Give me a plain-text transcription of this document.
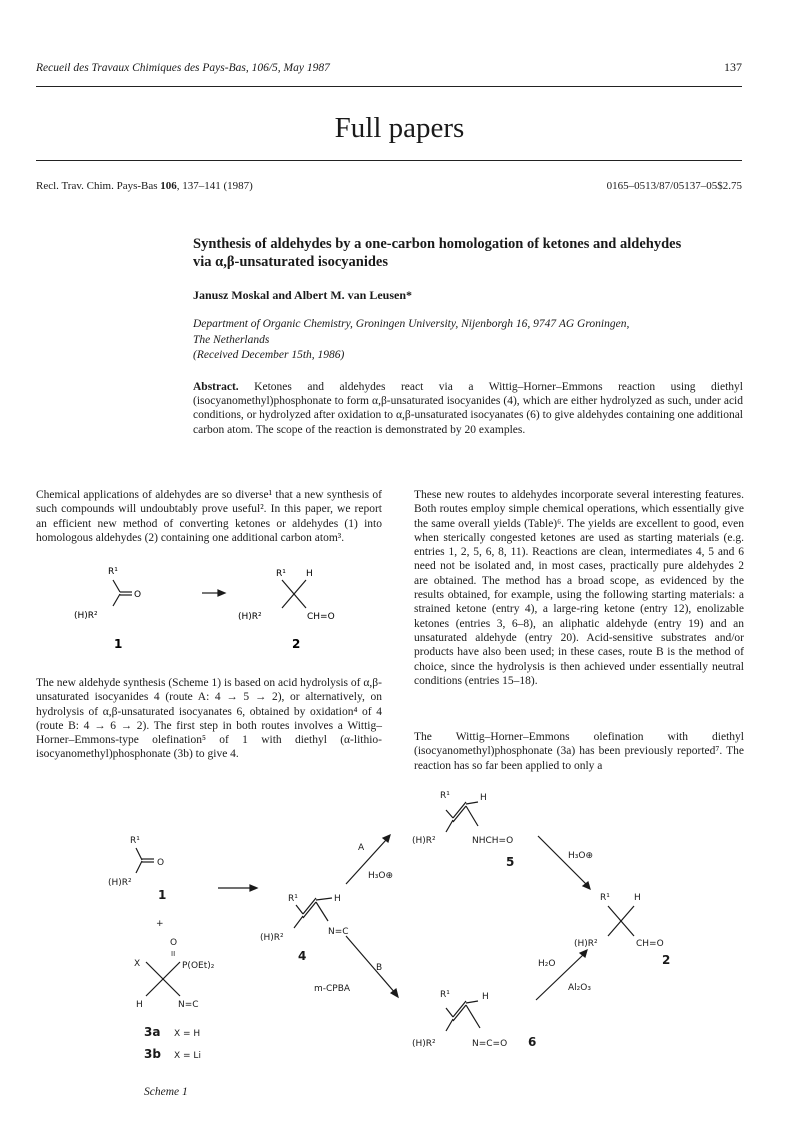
Recueil des Travaux Chimiques des Pays-Bas, 106/5, May 1987	137
Full papers
Recl. Trav. Chim. Pays-Bas 106, 137–141 (1987)	0165–0513/87/05137–05$2.75
Synthesis of aldehydes by a one-carbon homologation of ketones and aldehydes
via α,β-unsaturated isocyanides
Janusz Moskal and Albert M. van Leusen*
Department of Organic Chemistry, Groningen University, Nijenborgh 16, 9747 AG Groningen,
The Netherlands
(Received December 15th, 1986)
Abstract. Ketones and aldehydes react via a Wittig–Horner–Emmons reaction using diethyl (isocyanomethyl)phosphonate to form α,β-unsaturated isocyanides (4), which are either hydrolyzed as such, under acid conditions, or hydrolyzed after oxidation to α,β-unsaturated isocyanates (6) to give aldehydes containing one additional carbon atom. The scope of the reaction is demonstrated by 20 examples.
Chemical applications of aldehydes are so diverse¹ that a new synthesis of such compounds will undoubtably prove useful². In this paper, we report an efficient new method of converting ketones or aldehydes (1) into homologous aldehydes (2) containing one additional carbon atom³.
R¹
O
(H)R²
1
R¹ H
(H)R²	CH=O
2
The new aldehyde synthesis (Scheme 1) is based on acid hydrolysis of α,β-unsaturated isocyanides 4 (route A: 4 → 5 → 2), or alternatively, on hydrolysis of α,β-unsaturated isocyanates 6, obtained by oxidation⁴ of 4 (route B: 4 → 6 → 2). The first step in both routes involves a Wittig–Horner–Emmons-type olefination⁵ of 1 with diethyl (α-lithio-isocyanomethyl)phosphonate (3b) to give 4.
These new routes to aldehydes incorporate several interesting features. Both routes employ simple chemical operations, which essentially give the same overall yields (Table)⁶. The yields are excellent to good, even when sterically congested ketones are used as starting materials (e.g. entries 1, 2, 5, 6, 8, 11). Reactions are clean, intermediates 4, 5 and 6 need not be isolated and, in most cases, practically pure aldehydes 2 are obtained. The method has a broad scope, as evidenced by the results obtained, for example, using the following starting materials: a strained ketone (entry 4), a large-ring ketone (entry 12), enolizable ketones (entries 3, 6–8), an aliphatic aldehyde (entry 19) and an unsaturated aldehyde (entry 20). Acid-sensitive substrates and/or products have also been used; in these cases, route B is the method of choice, since the hydrolysis is then achieved under essentially neutral conditions (entries 15–18).
The Wittig–Horner–Emmons olefination with diethyl (isocyanomethyl)phosphonate (3a) has been previously reported⁷. The reaction has so far been applied to only a
R¹
O
(H)R²
1
+
O
II
X	P(OEt)₂
H	N=C
3a X = H
3b X = Li
R¹	H
(H)R²
N=C
4
A
H₃O⊕
B
m-CPBA
R¹	H
(H)R²	NHCH=O
5	H₃O⊕
R¹	H
(H)R²	CH=O
2
H₂O
Al₂O₃
R¹	H
(H)R²	N=C=O 6
Scheme 1
